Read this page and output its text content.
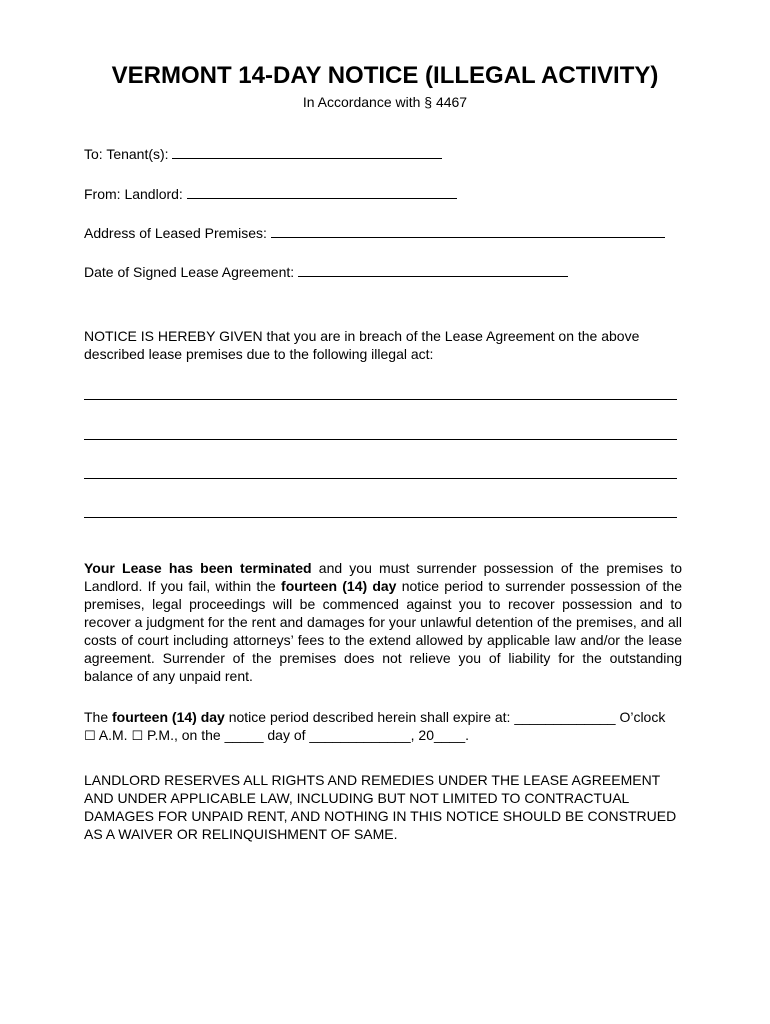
VERMONT 14-DAY NOTICE (ILLEGAL ACTIVITY)
In Accordance with § 4467
To: Tenant(s):
From: Landlord:
Address of Leased Premises:
Date of Signed Lease Agreement:
NOTICE IS HEREBY GIVEN that you are in breach of the Lease Agreement on the above described lease premises due to the following illegal act:
Your Lease has been terminated and you must surrender possession of the premises to Landlord. If you fail, within the fourteen (14) day notice period to surrender possession of the premises, legal proceedings will be commenced against you to recover possession and to recover a judgment for the rent and damages for your unlawful detention of the premises, and all costs of court including attorneys’ fees to the extend allowed by applicable law and/or the lease agreement. Surrender of the premises does not relieve you of liability for the outstanding balance of any unpaid rent.
The fourteen (14) day notice period described herein shall expire at: _____________ O’clock
☐ A.M. ☐ P.M., on the _____ day of _____________, 20____.
LANDLORD RESERVES ALL RIGHTS AND REMEDIES UNDER THE LEASE AGREEMENT AND UNDER APPLICABLE LAW, INCLUDING BUT NOT LIMITED TO CONTRACTUAL DAMAGES FOR UNPAID RENT, AND NOTHING IN THIS NOTICE SHOULD BE CONSTRUED AS A WAIVER OR RELINQUISHMENT OF SAME.
